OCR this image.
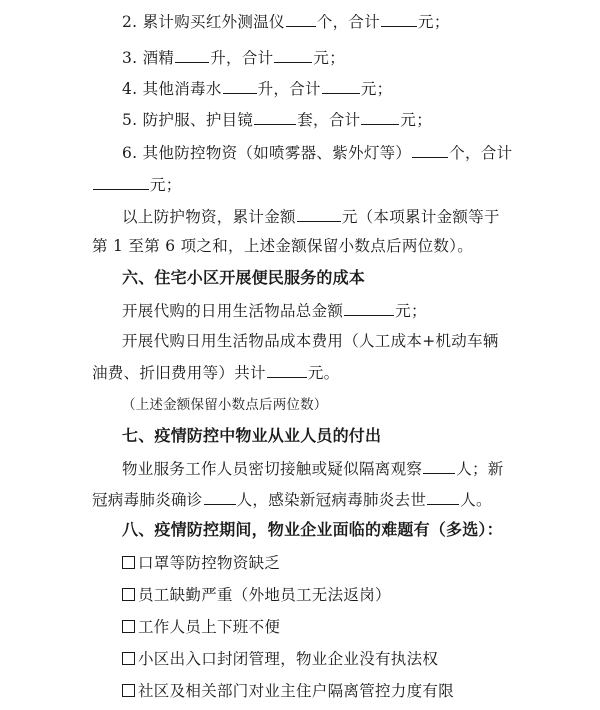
2. 累计购买红外测温仪 个，合计 元；
3. 酒精 升，合计	元；
4. 其他消毒水 升，合计	元；
5. 防护服、护目镜	套，合计	元；
6. 其他防控物资（如喷雾器、紫外灯等） 个，合计
元；
以上防护物资，累计金额	元（本项累计金额等于
第 1 至第 6 项之和，上述金额保留小数点后两位数）。
六、住宅小区开展便民服务的成本
开展代购的日用生活物品总金额	元；
开展代购日用生活物品成本费用（人工成本+机动车辆
油费、折旧费用等）共计	元。
（上述金额保留小数点后两位数）
七、疫情防控中物业从业人员的付出
物业服务工作人员密切接触或疑似隔离观察 人；新
冠病毒肺炎确诊 人，感染新冠病毒肺炎去世 人。
八、疫情防控期间，物业企业面临的难题有（多选）：
口罩等防控物资缺乏
员工缺勤严重（外地员工无法返岗）
工作人员上下班不便
小区出入口封闭管理，物业企业没有执法权
社区及相关部门对业主住户隔离管控力度有限
